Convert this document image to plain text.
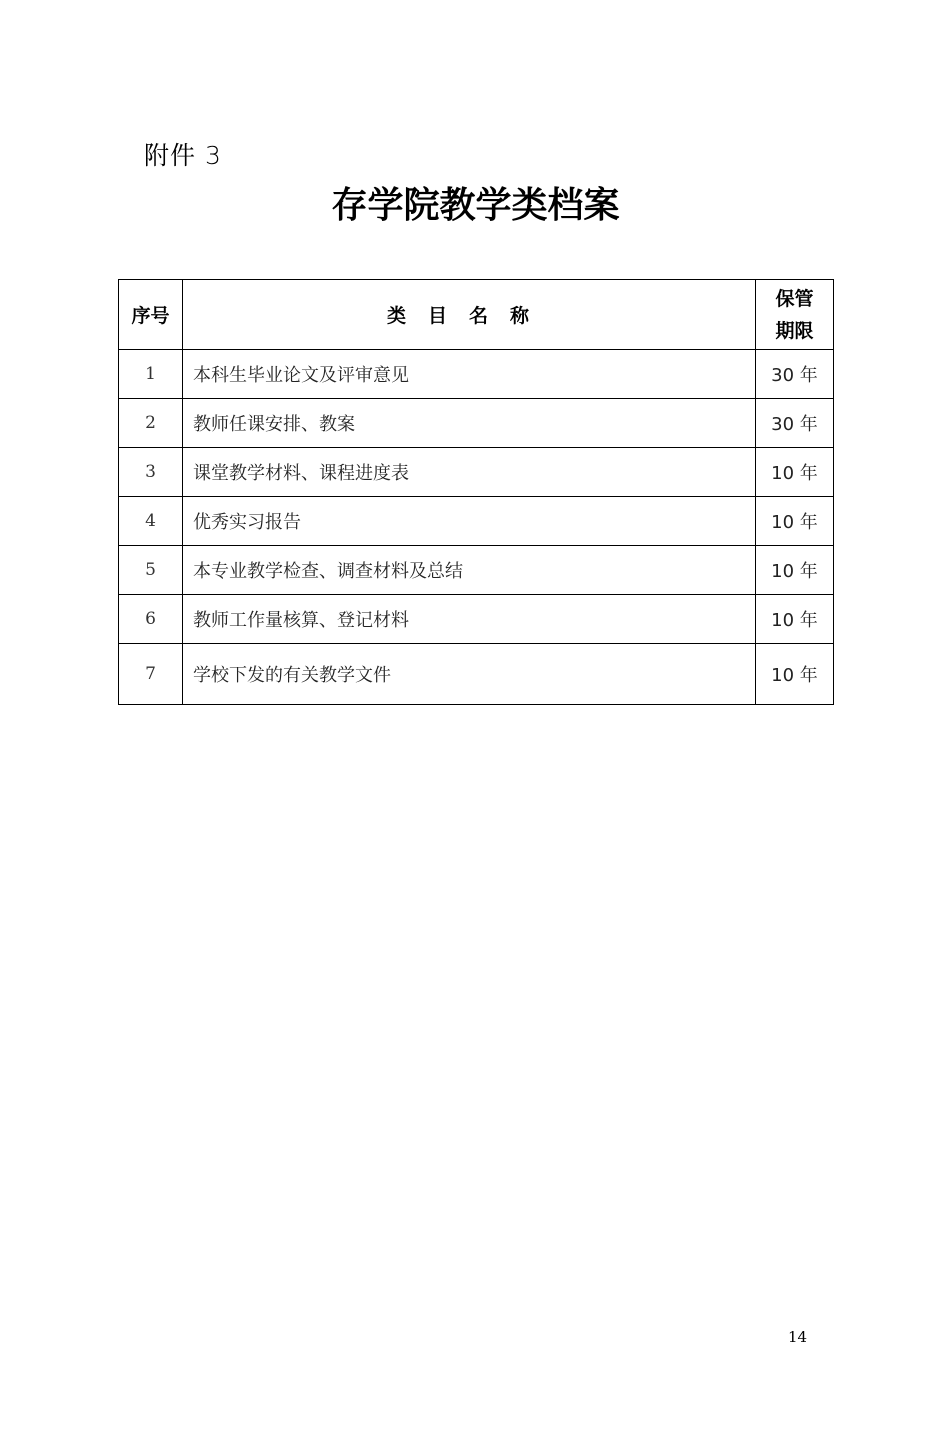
附件 3
存学院教学类档案
序号	类目名称	保管
期限

1	本科生毕业论文及评审意见	30 年
2	教师任课安排、教案	30 年
3	课堂教学材料、课程进度表	10 年
4	优秀实习报告	10 年
5	本专业教学检查、调查材料及总结	10 年
6	教师工作量核算、登记材料	10 年
7	学校下发的有关教学文件	10 年
14
